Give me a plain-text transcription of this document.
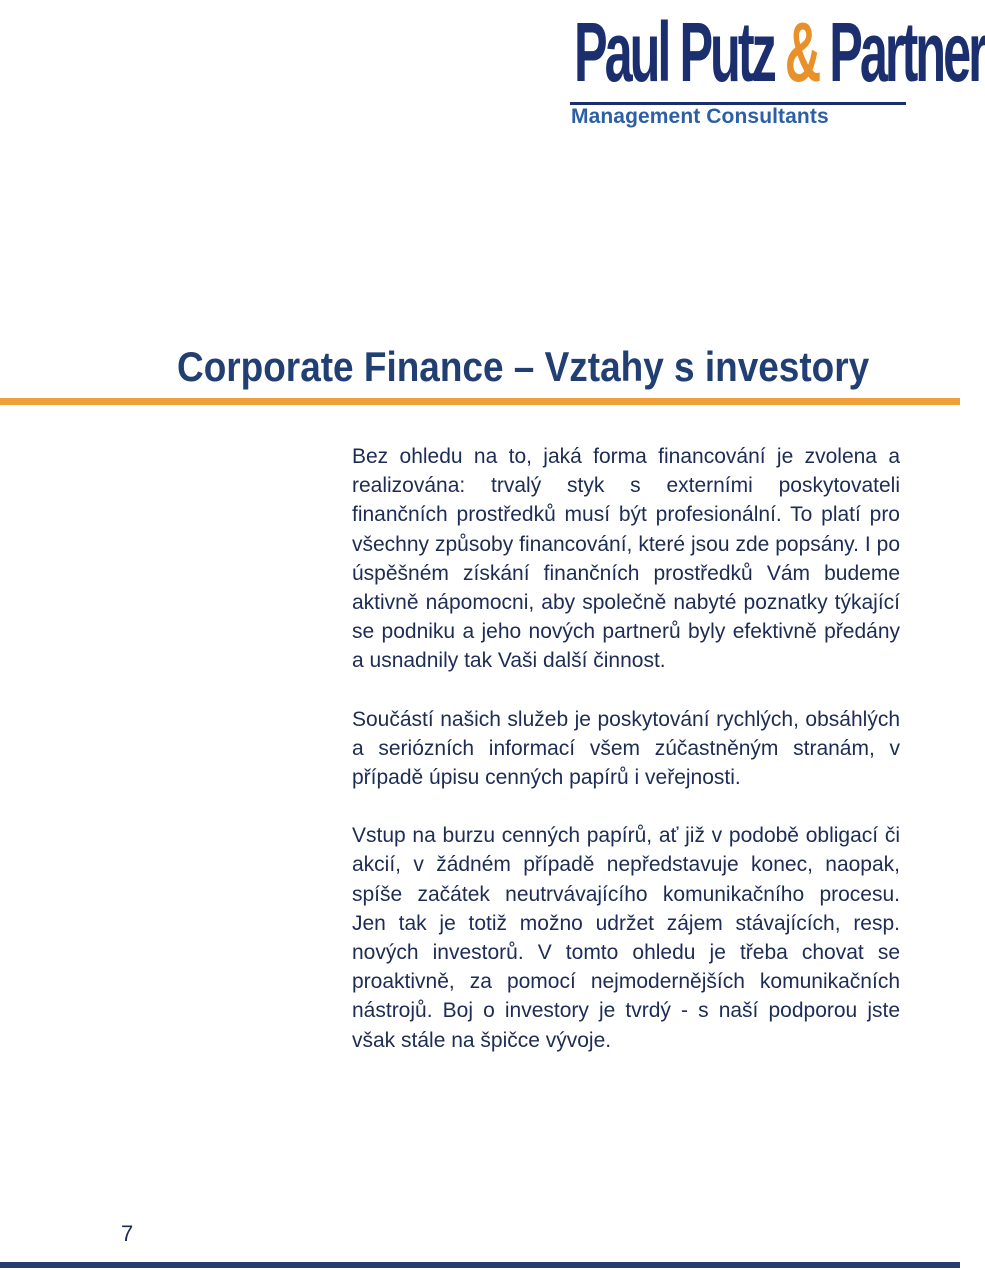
Paul Putz & Partner
Management Consultants
Corporate Finance – Vztahy s investory

Bez ohledu na to, jaká forma financování je zvolena a realizována: trvalý styk s externími poskytovateli finančních prostředků musí být profesionální. To platí pro všechny způsoby financování, které jsou zde popsány. I po úspěšném získání finančních prostředků Vám budeme aktivně nápomocni, aby společně nabyté poznatky týkající se podniku a jeho nových partnerů byly efektivně předány a usnadnily tak Vaši další činnost.

Součástí našich služeb je poskytování rychlých, obsáhlých a seriózních informací všem zúčastněným stranám, v případě úpisu cenných papírů i veřejnosti.

Vstup na burzu cenných papírů, ať již v podobě obligací či akcií, v žádném případě nepředstavuje konec, naopak, spíše začátek neutrvávajícího komunikačního procesu. Jen tak je totiž možno udržet zájem stávajících, resp. nových investorů. V tomto ohledu je třeba chovat se proaktivně, za pomocí nejmodernějších komunikačních nástrojů. Boj o investory je tvrdý - s naší podporou jste však stále na špičce vývoje.

7
